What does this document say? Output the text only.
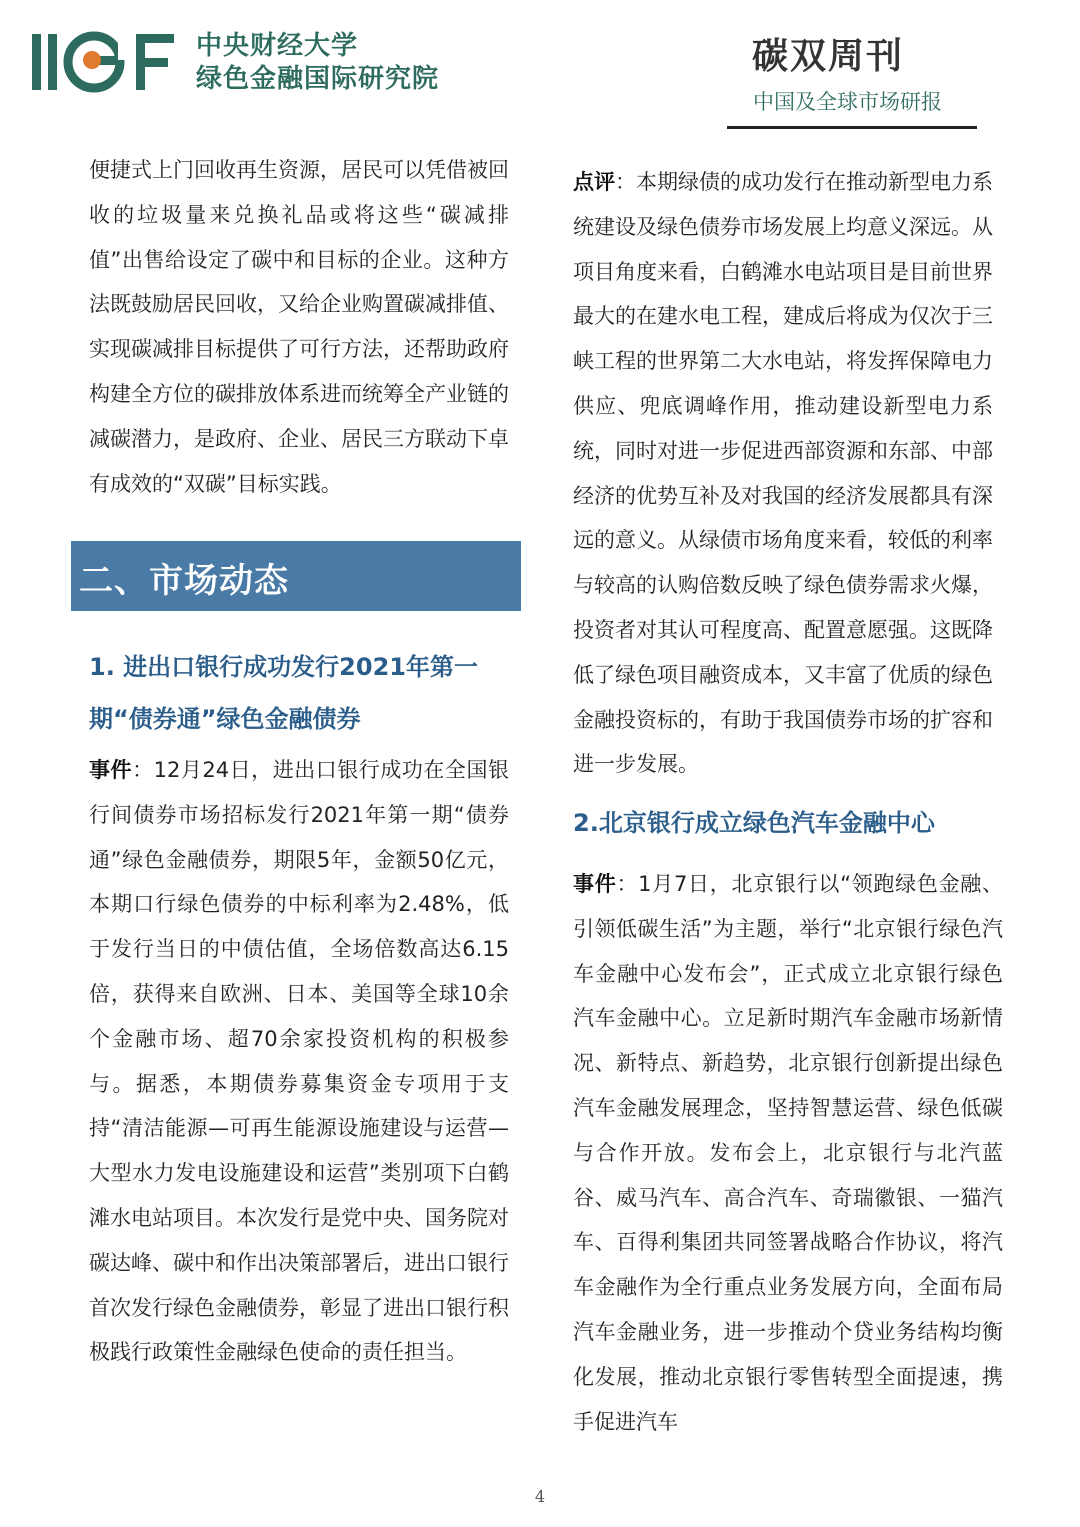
中央财经大学
绿色金融国际研究院
碳双周刊
中国及全球市场研报
便捷式上门回收再生资源，居民可以凭借被回收的垃圾量来兑换礼品或将这些“碳减排值”出售给设定了碳中和目标的企业。这种方法既鼓励居民回收，又给企业购置碳减排值、实现碳减排目标提供了可行方法，还帮助政府构建全方位的碳排放体系进而统筹全产业链的减碳潜力，是政府、企业、居民三方联动下卓有成效的“双碳”目标实践。
二、市场动态
1. 进出口银行成功发行2021年第一期“债券通”绿色金融债券
事件：12月24日，进出口银行成功在全国银行间债券市场招标发行2021年第一期“债券通”绿色金融债券，期限5年，金额50亿元，本期口行绿色债券的中标利率为2.48%，低于发行当日的中债估值，全场倍数高达6.15倍，获得来自欧洲、日本、美国等全球10余个金融市场、超70余家投资机构的积极参与。据悉，本期债券募集资金专项用于支持“清洁能源—可再生能源设施建设与运营—大型水力发电设施建设和运营”类别项下白鹤滩水电站项目。本次发行是党中央、国务院对碳达峰、碳中和作出决策部署后，进出口银行首次发行绿色金融债券，彰显了进出口银行积极践行政策性金融绿色使命的责任担当。
点评：本期绿债的成功发行在推动新型电力系统建设及绿色债券市场发展上均意义深远。从项目角度来看，白鹤滩水电站项目是目前世界最大的在建水电工程，建成后将成为仅次于三峡工程的世界第二大水电站，将发挥保障电力供应、兜底调峰作用，推动建设新型电力系统，同时对进一步促进西部资源和东部、中部经济的优势互补及对我国的经济发展都具有深远的意义。从绿债市场角度来看，较低的利率与较高的认购倍数反映了绿色债券需求火爆，投资者对其认可程度高、配置意愿强。这既降低了绿色项目融资成本，又丰富了优质的绿色金融投资标的，有助于我国债券市场的扩容和进一步发展。
2.北京银行成立绿色汽车金融中心
事件：1月7日，北京银行以“领跑绿色金融、引领低碳生活”为主题，举行“北京银行绿色汽车金融中心发布会”，正式成立北京银行绿色汽车金融中心。立足新时期汽车金融市场新情况、新特点、新趋势，北京银行创新提出绿色汽车金融发展理念，坚持智慧运营、绿色低碳与合作开放。发布会上，北京银行与北汽蓝谷、威马汽车、高合汽车、奇瑞徽银、一猫汽车、百得利集团共同签署战略合作协议，将汽车金融作为全行重点业务发展方向，全面布局汽车金融业务，进一步推动个贷业务结构均衡化发展，推动北京银行零售转型全面提速，携手促进汽车
4
